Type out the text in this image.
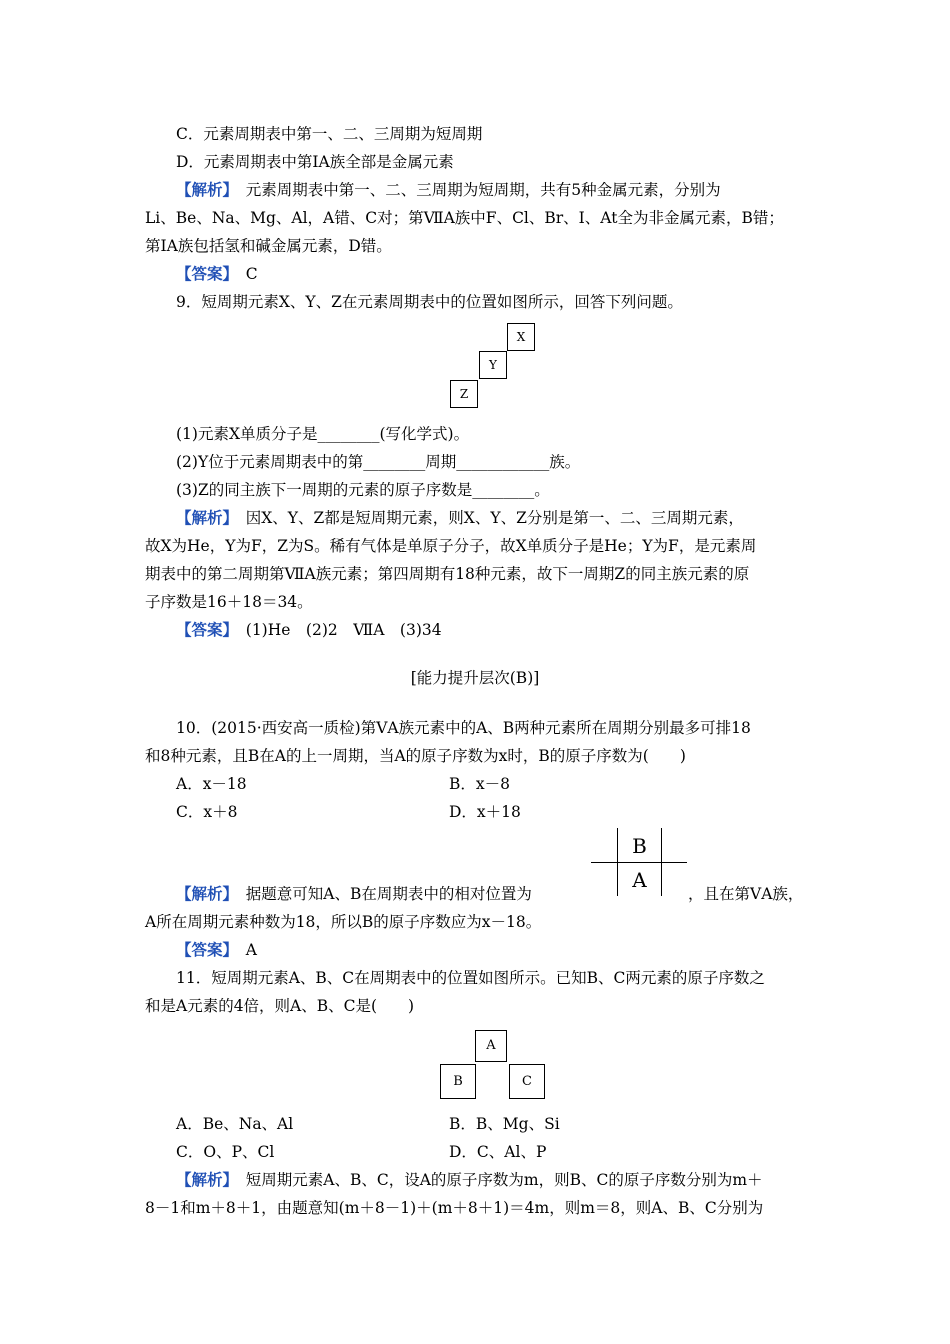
C．元素周期表中第一、二、三周期为短周期
D．元素周期表中第ⅠA族全部是金属元素
【解析】　元素周期表中第一、二、三周期为短周期，共有5种金属元素，分别为
Li、Be、Na、Mg、Al，A错、C对；第ⅦA族中F、Cl、Br、I、At全为非金属元素，B错；
第ⅠA族包括氢和碱金属元素，D错。
【答案】　C
9．短周期元素X、Y、Z在元素周期表中的位置如图所示，回答下列问题。
X
Y
Z
(1)元素X单质分子是________(写化学式)。
(2)Y位于元素周期表中的第________周期____________族。
(3)Z的同主族下一周期的元素的原子序数是________。
【解析】　因X、Y、Z都是短周期元素，则X、Y、Z分别是第一、二、三周期元素，
故X为He，Y为F，Z为S。稀有气体是单原子分子，故X单质分子是He；Y为F，是元素周
期表中的第二周期第ⅦA族元素；第四周期有18种元素，故下一周期Z的同主族元素的原
子序数是16＋18＝34。
【答案】　(1)He　(2)2　ⅦA　(3)34
[能力提升层次(B)]
10．(2015·西安高一质检)第ⅤA族元素中的A、B两种元素所在周期分别最多可排18
和8种元素，且B在A的上一周期，当A的原子序数为x时，B的原子序数为(　　)
A．x－18	B．x－8
C．x＋8	D．x＋18
B
A
【解析】　据题意可知A、B在周期表中的相对位置为	，且在第ⅤA族，
A所在周期元素种数为18，所以B的原子序数应为x－18。
【答案】　A
11．短周期元素A、B、C在周期表中的位置如图所示。已知B、C两元素的原子序数之
和是A元素的4倍，则A、B、C是(　　)
A
B	C
A．Be、Na、Al	B．B、Mg、Si
C．O、P、Cl	D．C、Al、P
【解析】　短周期元素A、B、C，设A的原子序数为m，则B、C的原子序数分别为m＋
8－1和m＋8＋1，由题意知(m＋8－1)＋(m＋8＋1)＝4m，则m＝8，则A、B、C分别为
